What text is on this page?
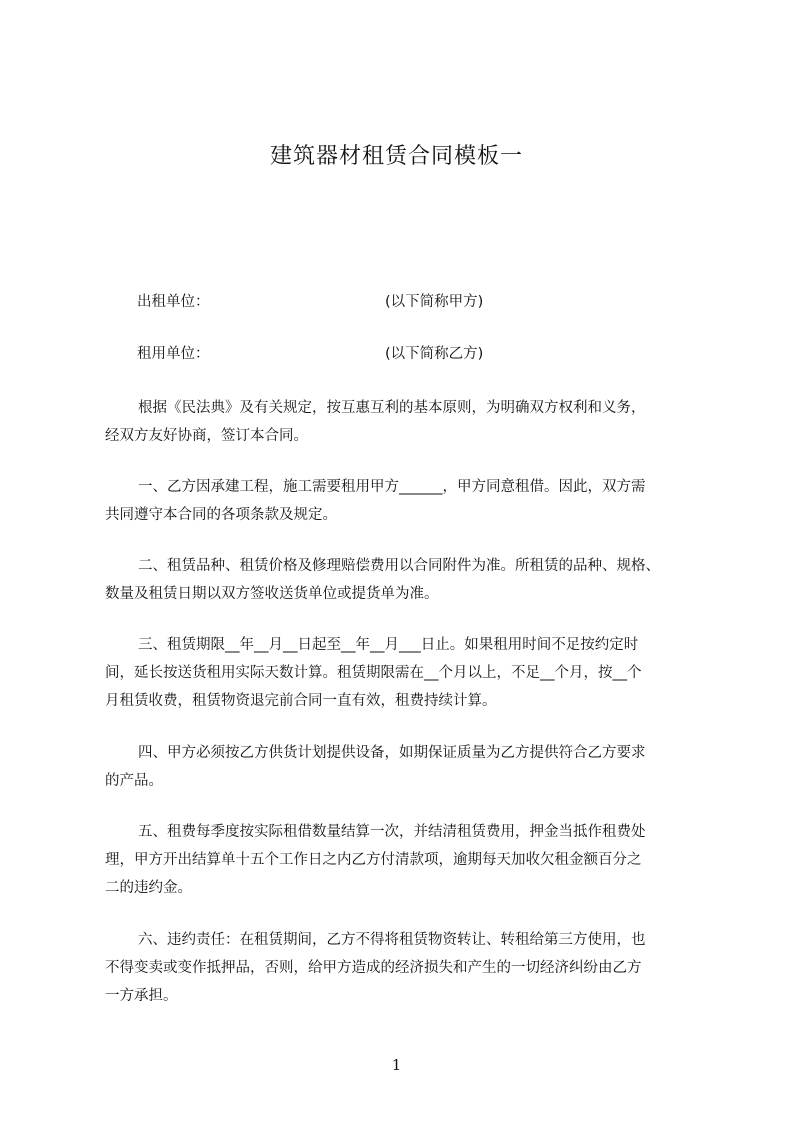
建筑器材租赁合同模板一
出租单位：	(以下简称甲方)
租用单位：	(以下简称乙方)
根据《民法典》及有关规定，按互惠互利的基本原则，为明确双方权利和义务，
经双方友好协商，签订本合同。
一、乙方因承建工程，施工需要租用甲方______，甲方同意租借。因此，双方需
共同遵守本合同的各项条款及规定。
二、租赁品种、租赁价格及修理赔偿费用以合同附件为准。所租赁的品种、规格、
数量及租赁日期以双方签收送货单位或提货单为准。
三、租赁期限__年__月__日起至__年__月___日止。如果租用时间不足按约定时
间，延长按送货租用实际天数计算。租赁期限需在__个月以上，不足__个月，按__个
月租赁收费，租赁物资退完前合同一直有效，租费持续计算。
四、甲方必须按乙方供货计划提供设备，如期保证质量为乙方提供符合乙方要求
的产品。
五、租费每季度按实际租借数量结算一次，并结清租赁费用，押金当抵作租费处
理，甲方开出结算单十五个工作日之内乙方付清款项，逾期每天加收欠租金额百分之
二的违约金。
六、违约责任：在租赁期间，乙方不得将租赁物资转让、转租给第三方使用，也
不得变卖或变作抵押品，否则，给甲方造成的经济损失和产生的一切经济纠纷由乙方
一方承担。
1
